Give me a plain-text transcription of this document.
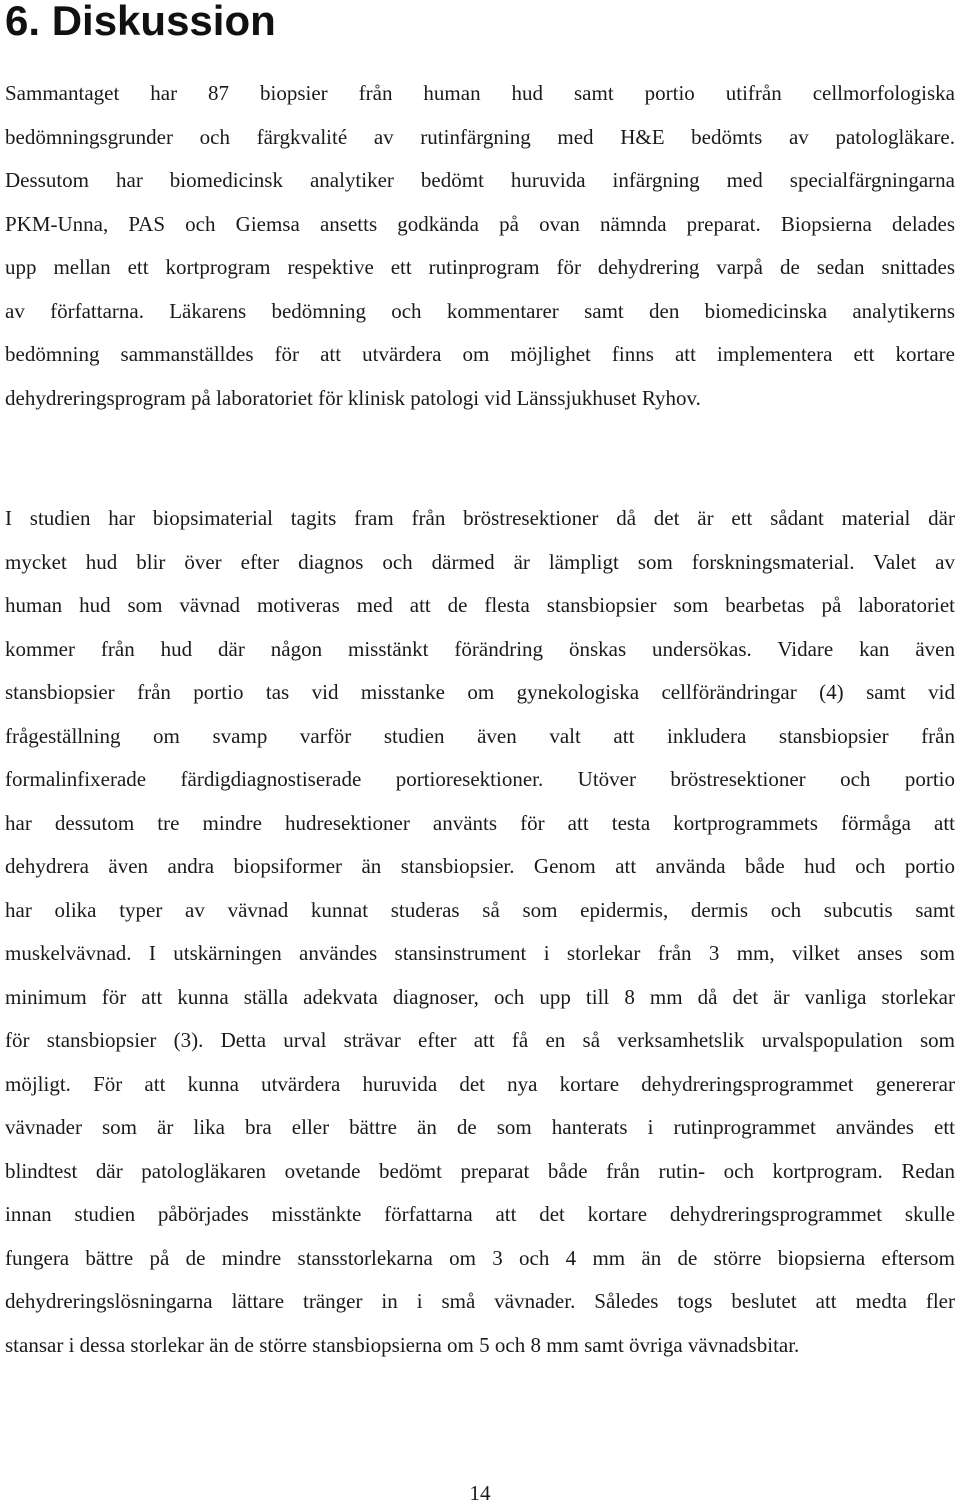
6. Diskussion
Sammantaget har 87 biopsier från human hud samt portio utifrån cellmorfologiska
bedömningsgrunder och färgkvalité av rutinfärgning med H&E bedömts av patologläkare.
Dessutom har biomedicinsk analytiker bedömt huruvida infärgning med specialfärgningarna
PKM-Unna, PAS och Giemsa ansetts godkända på ovan nämnda preparat. Biopsierna delades
upp mellan ett kortprogram respektive ett rutinprogram för dehydrering varpå de sedan snittades
av författarna. Läkarens bedömning och kommentarer samt den biomedicinska analytikerns
bedömning sammanställdes för att utvärdera om möjlighet finns att implementera ett kortare
dehydreringsprogram på laboratoriet för klinisk patologi vid Länssjukhuset Ryhov.
I studien har biopsimaterial tagits fram från bröstresektioner då det är ett sådant material där
mycket hud blir över efter diagnos och därmed är lämpligt som forskningsmaterial. Valet av
human hud som vävnad motiveras med att de flesta stansbiopsier som bearbetas på laboratoriet
kommer från hud där någon misstänkt förändring önskas undersökas. Vidare kan även
stansbiopsier från portio tas vid misstanke om gynekologiska cellförändringar (4) samt vid
frågeställning om svamp varför studien även valt att inkludera stansbiopsier från
formalinfixerade färdigdiagnostiserade portioresektioner. Utöver bröstresektioner och portio
har dessutom tre mindre hudresektioner använts för att testa kortprogrammets förmåga att
dehydrera även andra biopsiformer än stansbiopsier. Genom att använda både hud och portio
har olika typer av vävnad kunnat studeras så som epidermis, dermis och subcutis samt
muskelvävnad. I utskärningen användes stansinstrument i storlekar från 3 mm, vilket anses som
minimum för att kunna ställa adekvata diagnoser, och upp till 8 mm då det är vanliga storlekar
för stansbiopsier (3). Detta urval strävar efter att få en så verksamhetslik urvalspopulation som
möjligt. För att kunna utvärdera huruvida det nya kortare dehydreringsprogrammet genererar
vävnader som är lika bra eller bättre än de som hanterats i rutinprogrammet användes ett
blindtest där patologläkaren ovetande bedömt preparat både från rutin- och kortprogram. Redan
innan studien påbörjades misstänkte författarna att det kortare dehydreringsprogrammet skulle
fungera bättre på de mindre stansstorlekarna om 3 och 4 mm än de större biopsierna eftersom
dehydreringslösningarna lättare tränger in i små vävnader. Således togs beslutet att medta fler
stansar i dessa storlekar än de större stansbiopsierna om 5 och 8 mm samt övriga vävnadsbitar.
14
